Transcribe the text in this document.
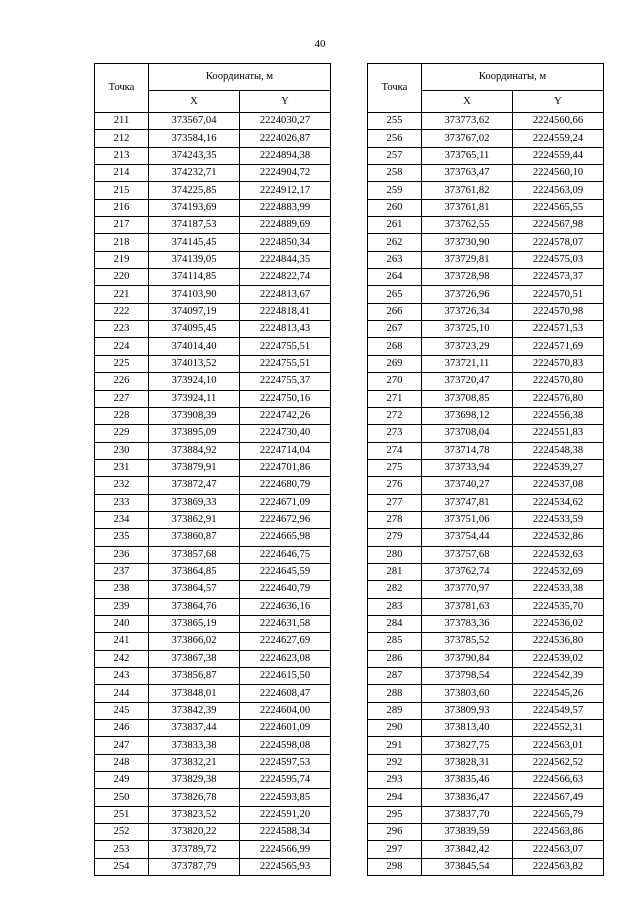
40
Точка	Координаты, м	
	X	Y
211	373567,04	2224030,27
212	373584,16	2224026,87
213	374243,35	2224894,38
214	374232,71	2224904,72
215	374225,85	2224912,17
216	374193,69	2224883,99
217	374187,53	2224889,69
218	374145,45	2224850,34
219	374139,05	2224844,35
220	374114,85	2224822,74
221	374103,90	2224813,67
222	374097,19	2224818,41
223	374095,45	2224813,43
224	374014,40	2224755,51
225	374013,52	2224755,51
226	373924,10	2224755,37
227	373924,11	2224750,16
228	373908,39	2224742,26
229	373895,09	2224730,40
230	373884,92	2224714,04
231	373879,91	2224701,86
232	373872,47	2224680,79
233	373869,33	2224671,09
234	373862,91	2224672,96
235	373860,87	2224665,98
236	373857,68	2224646,75
237	373864,85	2224645,59
238	373864,57	2224640,79
239	373864,76	2224636,16
240	373865,19	2224631,58
241	373866,02	2224627,69
242	373867,38	2224623,08
243	373856,87	2224615,50
244	373848,01	2224608,47
245	373842,39	2224604,00
246	373837,44	2224601,09
247	373833,38	2224598,08
248	373832,21	2224597,53
249	373829,38	2224595,74
250	373826,78	2224593,85
251	373823,52	2224591,20
252	373820,22	2224588,34
253	373789,72	2224566,99
254	373787,79	2224565,93
Точка	Координаты, м	
	X	Y
255	373773,62	2224560,66
256	373767,02	2224559,24
257	373765,11	2224559,44
258	373763,47	2224560,10
259	373761,82	2224563,09
260	373761,81	2224565,55
261	373762,55	2224567,98
262	373730,90	2224578,07
263	373729,81	2224575,03
264	373728,98	2224573,37
265	373726,96	2224570,51
266	373726,34	2224570,98
267	373725,10	2224571,53
268	373723,29	2224571,69
269	373721,11	2224570,83
270	373720,47	2224570,80
271	373708,85	2224576,80
272	373698,12	2224556,38
273	373708,04	2224551,83
274	373714,78	2224548,38
275	373733,94	2224539,27
276	373740,27	2224537,08
277	373747,81	2224534,62
278	373751,06	2224533,59
279	373754,44	2224532,86
280	373757,68	2224532,63
281	373762,74	2224532,69
282	373770,97	2224533,38
283	373781,63	2224535,70
284	373783,36	2224536,02
285	373785,52	2224536,80
286	373790,84	2224539,02
287	373798,54	2224542,39
288	373803,60	2224545,26
289	373809,93	2224549,57
290	373813,40	2224552,31
291	373827,75	2224563,01
292	373828,31	2224562,52
293	373835,46	2224566,63
294	373836,47	2224567,49
295	373837,70	2224565,79
296	373839,59	2224563,86
297	373842,42	2224563,07
298	373845,54	2224563,82
